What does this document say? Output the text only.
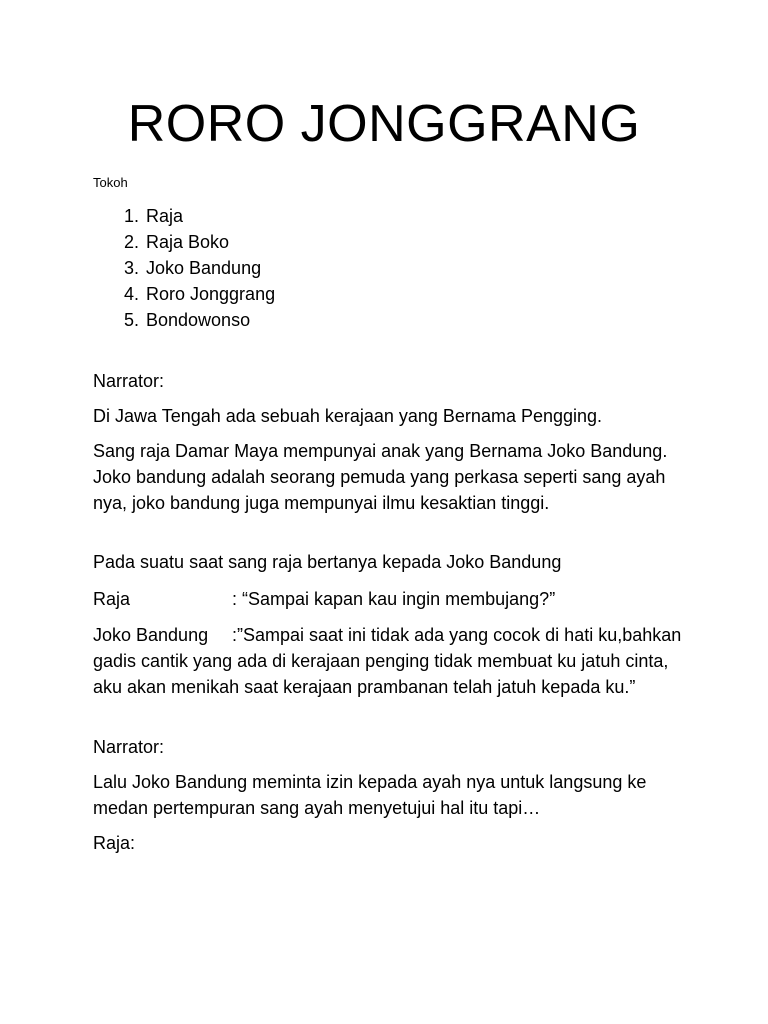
RORO JONGGRANG
Tokoh
1. Raja
2. Raja Boko
3. Joko Bandung
4. Roro Jonggrang
5. Bondowonso

Narrator:

Di Jawa Tengah ada sebuah kerajaan yang Bernama Pengging.

Sang raja Damar Maya mempunyai anak yang Bernama Joko Bandung. Joko bandung adalah seorang pemuda yang perkasa seperti sang ayah nya, joko bandung juga mempunyai ilmu kesaktian tinggi.

Pada suatu saat sang raja bertanya kepada Joko Bandung

Raja	: “Sampai kapan kau ingin membujang?”
Joko Bandung :”Sampai saat ini tidak ada yang cocok di hati ku,bahkan gadis cantik yang ada di kerajaan penging tidak membuat ku jatuh cinta, aku akan menikah saat kerajaan prambanan telah jatuh kepada ku.”

Narrator:

Lalu Joko Bandung meminta izin kepada ayah nya untuk langsung ke medan pertempuran sang ayah menyetujui hal itu tapi…

Raja:
